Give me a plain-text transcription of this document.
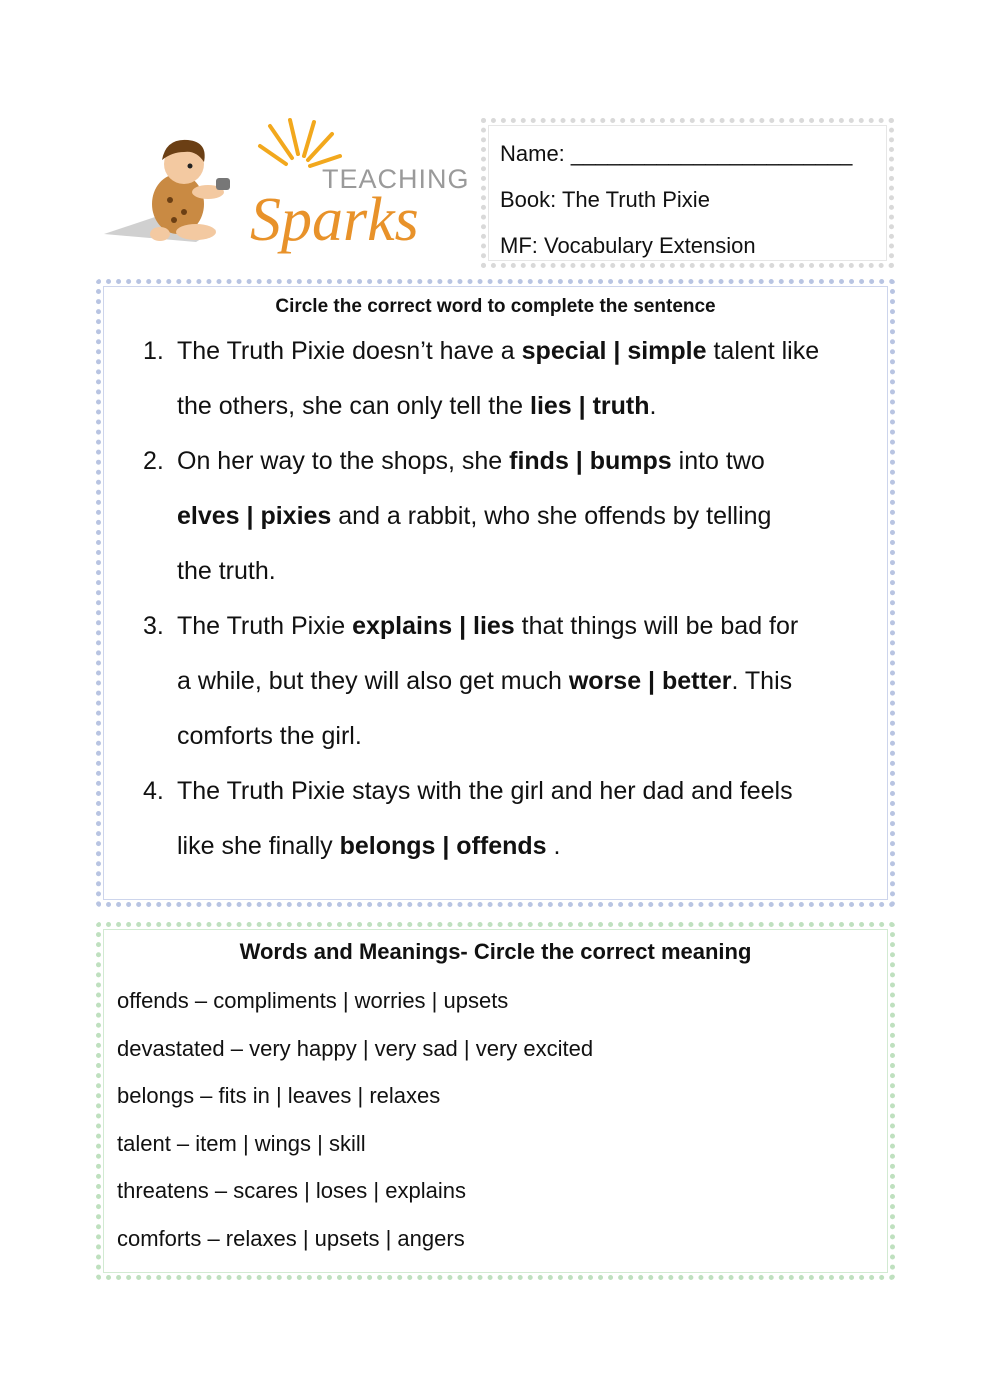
TEACHING
Sparks
Name: _______________________
Book: The Truth Pixie
MF: Vocabulary Extension
Circle the correct word to complete the sentence
1. The Truth Pixie doesn’t have a special | simple talent like
the others, she can only tell the lies | truth.
2. On her way to the shops, she finds | bumps into two
elves | pixies and a rabbit, who she offends by telling
the truth.
3. The Truth Pixie explains | lies that things will be bad for
a while, but they will also get much worse | better. This
comforts the girl.
4. The Truth Pixie stays with the girl and her dad and feels
like she finally belongs | offends .
Words and Meanings- Circle the correct meaning
offends – compliments | worries | upsets
devastated – very happy | very sad | very excited
belongs – fits in | leaves | relaxes
talent – item | wings | skill
threatens – scares | loses | explains
comforts – relaxes | upsets | angers
